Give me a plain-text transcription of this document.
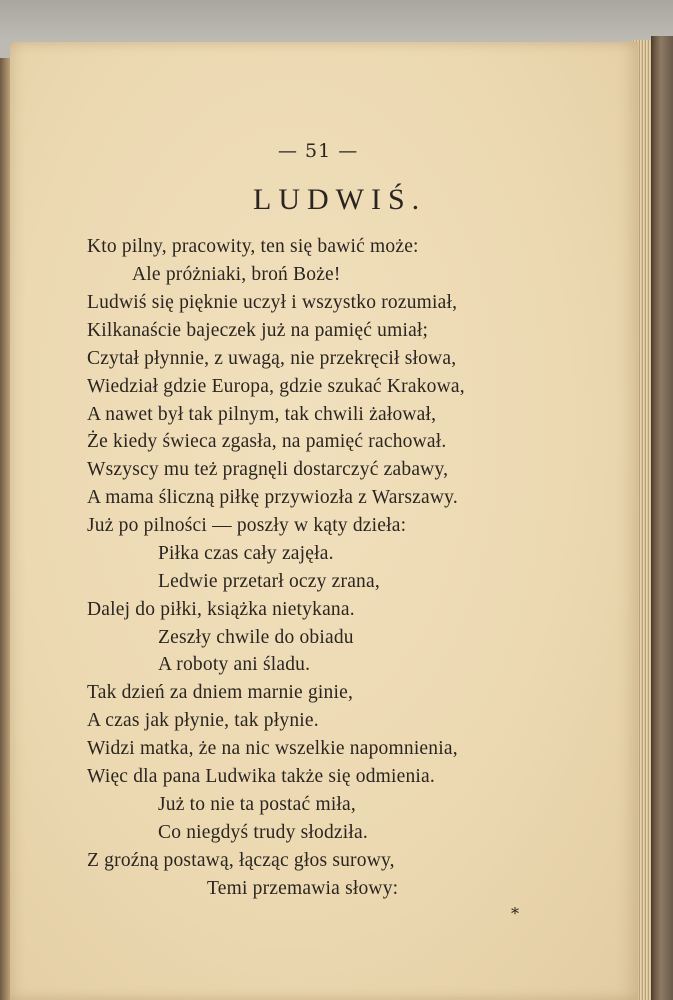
— 51 —
LUDWIŚ.
Kto pilny, pracowity, ten się bawić może:
Ale próżniaki, broń Boże!
Ludwiś się pięknie uczył i wszystko rozumiał,
Kilkanaście bajeczek już na pamięć umiał;
Czytał płynnie, z uwagą, nie przekręcił słowa,
Wiedział gdzie Europa, gdzie szukać Krakowa,
A nawet był tak pilnym, tak chwili żałował,
Że kiedy świeca zgasła, na pamięć rachował.
Wszyscy mu też pragnęli dostarczyć zabawy,
A mama śliczną piłkę przywiozła z Warszawy.
Już po pilności — poszły w kąty dzieła:
Piłka czas cały zajęła.
Ledwie przetarł oczy zrana,
Dalej do piłki, książka nietykana.
Zeszły chwile do obiadu
A roboty ani śladu.
Tak dzień za dniem marnie ginie,
A czas jak płynie, tak płynie.
Widzi matka, że na nic wszelkie napomnienia,
Więc dla pana Ludwika także się odmienia.
Już to nie ta postać miła,
Co niegdyś trudy słodziła.
Z groźną postawą, łącząc głos surowy,
Temi przemawia słowy:
*
